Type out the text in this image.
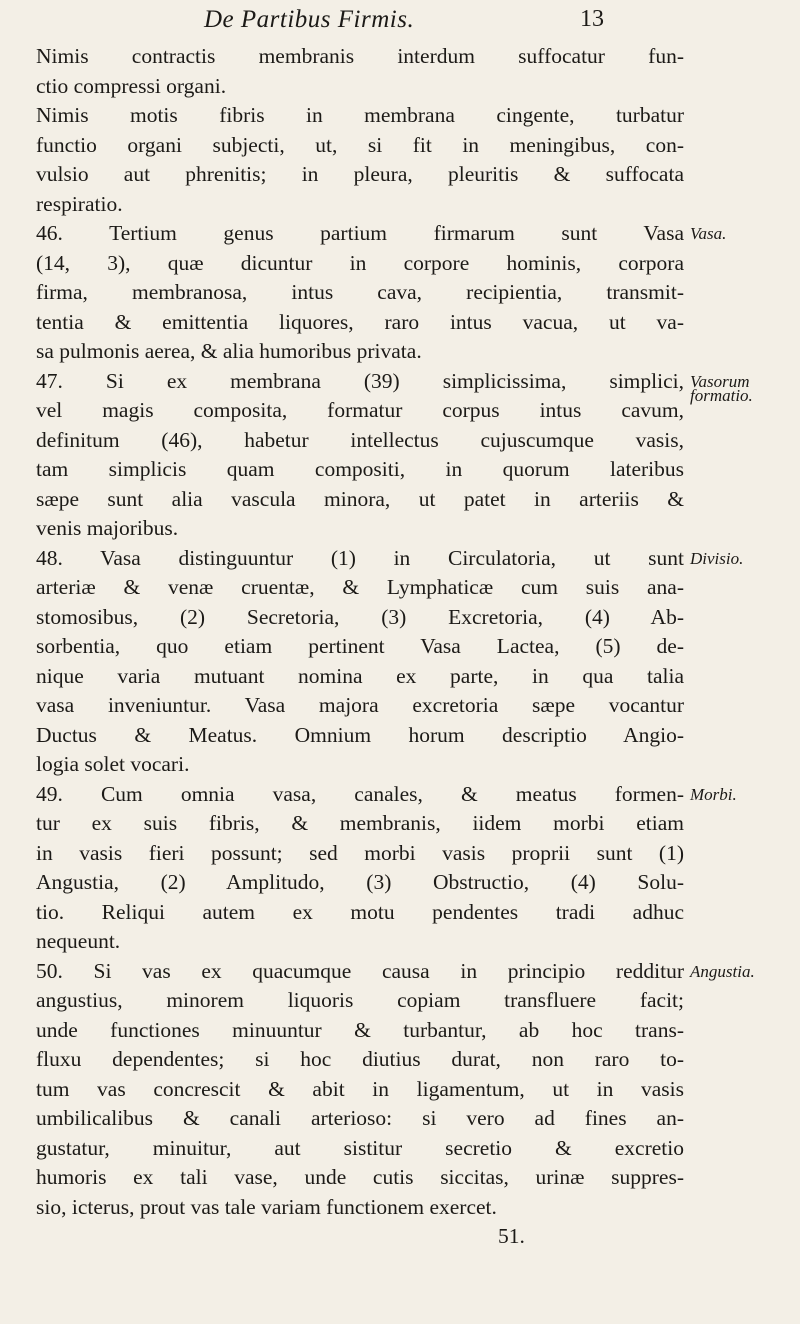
De Partibus Firmis.	13
Nimis contractis membranis interdum suffocatur fun-
ctio compressi organi.
Nimis motis fibris in membrana cingente, turbatur
functio organi subjecti, ut, si fit in meningibus, con-
vulsio aut phrenitis; in pleura, pleuritis & suffocata
respiratio.
46. Tertium genus partium firmarum sunt Vasa
(14, 3), quæ dicuntur in corpore hominis, corpora
firma, membranosa, intus cava, recipientia, transmit-
tentia & emittentia liquores, raro intus vacua, ut va-
sa pulmonis aerea, & alia humoribus privata.
47. Si ex membrana (39) simplicissima, simplici,
vel magis composita, formatur corpus intus cavum,
definitum (46), habetur intellectus cujuscumque vasis,
tam simplicis quam compositi, in quorum lateribus
sæpe sunt alia vascula minora, ut patet in arteriis &
venis majoribus.
48. Vasa distinguuntur (1) in Circulatoria, ut sunt
arteriæ & venæ cruentæ, & Lymphaticæ cum suis ana-
stomosibus, (2) Secretoria, (3) Excretoria, (4) Ab-
sorbentia, quo etiam pertinent Vasa Lactea, (5) de-
nique varia mutuant nomina ex parte, in qua talia
vasa inveniuntur. Vasa majora excretoria sæpe vocantur
Ductus & Meatus. Omnium horum descriptio Angio-
logia solet vocari.
49. Cum omnia vasa, canales, & meatus formen-
tur ex suis fibris, & membranis, iidem morbi etiam
in vasis fieri possunt; sed morbi vasis proprii sunt (1)
Angustia, (2) Amplitudo, (3) Obstructio, (4) Solu-
tio. Reliqui autem ex motu pendentes tradi adhuc
nequeunt.
50. Si vas ex quacumque causa in principio redditur
angustius, minorem liquoris copiam transfluere facit;
unde functiones minuuntur & turbantur, ab hoc trans-
fluxu dependentes; si hoc diutius durat, non raro to-
tum vas concrescit & abit in ligamentum, ut in vasis
umbilicalibus & canali arterioso: si vero ad fines an-
gustatur, minuitur, aut sistitur secretio & excretio
humoris ex tali vase, unde cutis siccitas, urinæ suppres-
sio, icterus, prout vas tale variam functionem exercet.
51.
Vasa.
Vasorum
formatio.
Divisio.
Morbi.
Angustia.
